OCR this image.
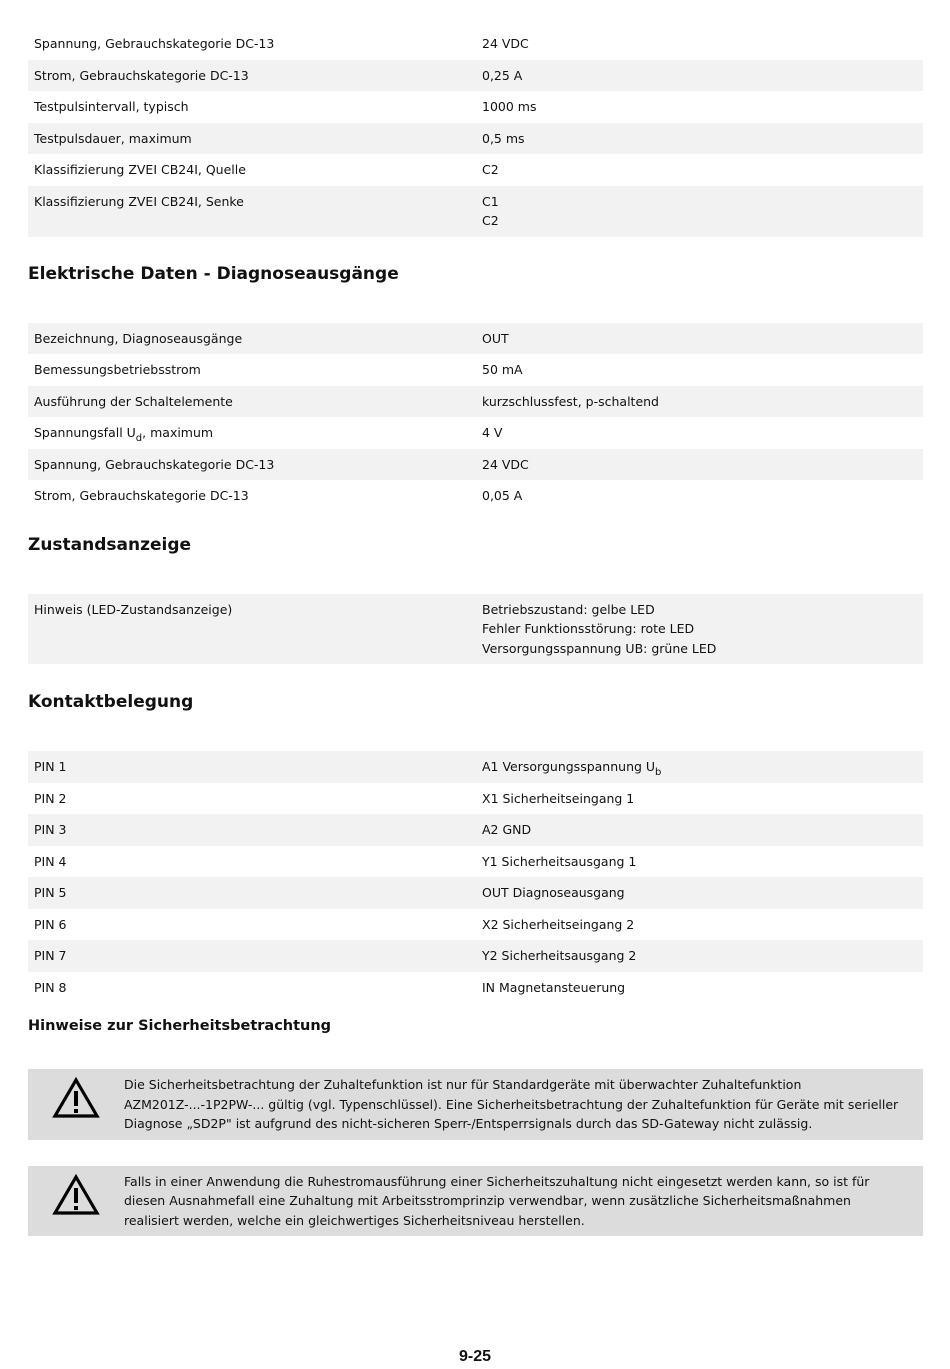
Spannung, Gebrauchskategorie DC-13	24 VDC

Strom, Gebrauchskategorie DC-13	0,25 A

Testpulsintervall, typisch	1000 ms

Testpulsdauer, maximum	0,5 ms

Klassifizierung ZVEI CB24I, Quelle	C2

Klassifizierung ZVEI CB24I, Senke	C1
C2
Elektrische Daten - Diagnoseausgänge
Bezeichnung, Diagnoseausgänge	OUT
Bemessungsbetriebsstrom	50 mA
Ausführung der Schaltelemente	kurzschlussfest, p-schaltend
Spannungsfall $U_d$, maximum	4 V
Spannung, Gebrauchskategorie DC-13	24 VDC
Strom, Gebrauchskategorie DC-13	0,05 A
Zustandsanzeige
Hinweis (LED-Zustandsanzeige)	Betriebszustand: gelbe LED
Fehler Funktionsstörung: rote LED
Versorgungsspannung UB: grüne LED
Kontaktbelegung
PIN 1	A1 Versorgungsspannung $U_b$
PIN 2	X1 Sicherheitseingang 1
PIN 3	A2 GND
PIN 4	Y1 Sicherheitsausgang 1
PIN 5	OUT Diagnoseausgang
PIN 6	X2 Sicherheitseingang 2
PIN 7	Y2 Sicherheitsausgang 2
PIN 8	IN Magnetansteuerung
Hinweise zur Sicherheitsbetrachtung
Die Sicherheitsbetrachtung der Zuhaltefunktion ist nur für Standardgeräte mit überwachter Zuhaltefunktion AZM201Z-...-1P2PW-... gültig (vgl. Typenschlüssel). Eine Sicherheitsbetrachtung der Zuhaltefunktion für Geräte mit serieller Diagnose „SD2P" ist aufgrund des nicht-sicheren Sperr-/Entsperrsignals durch das SD-Gateway nicht zulässig.
Falls in einer Anwendung die Ruhestromausführung einer Sicherheitszuhaltung nicht eingesetzt werden kann, so ist für diesen Ausnahmefall eine Zuhaltung mit Arbeitsstromprinzip verwendbar, wenn zusätzliche Sicherheitsmaßnahmen realisiert werden, welche ein gleichwertiges Sicherheitsniveau herstellen.
9-25
